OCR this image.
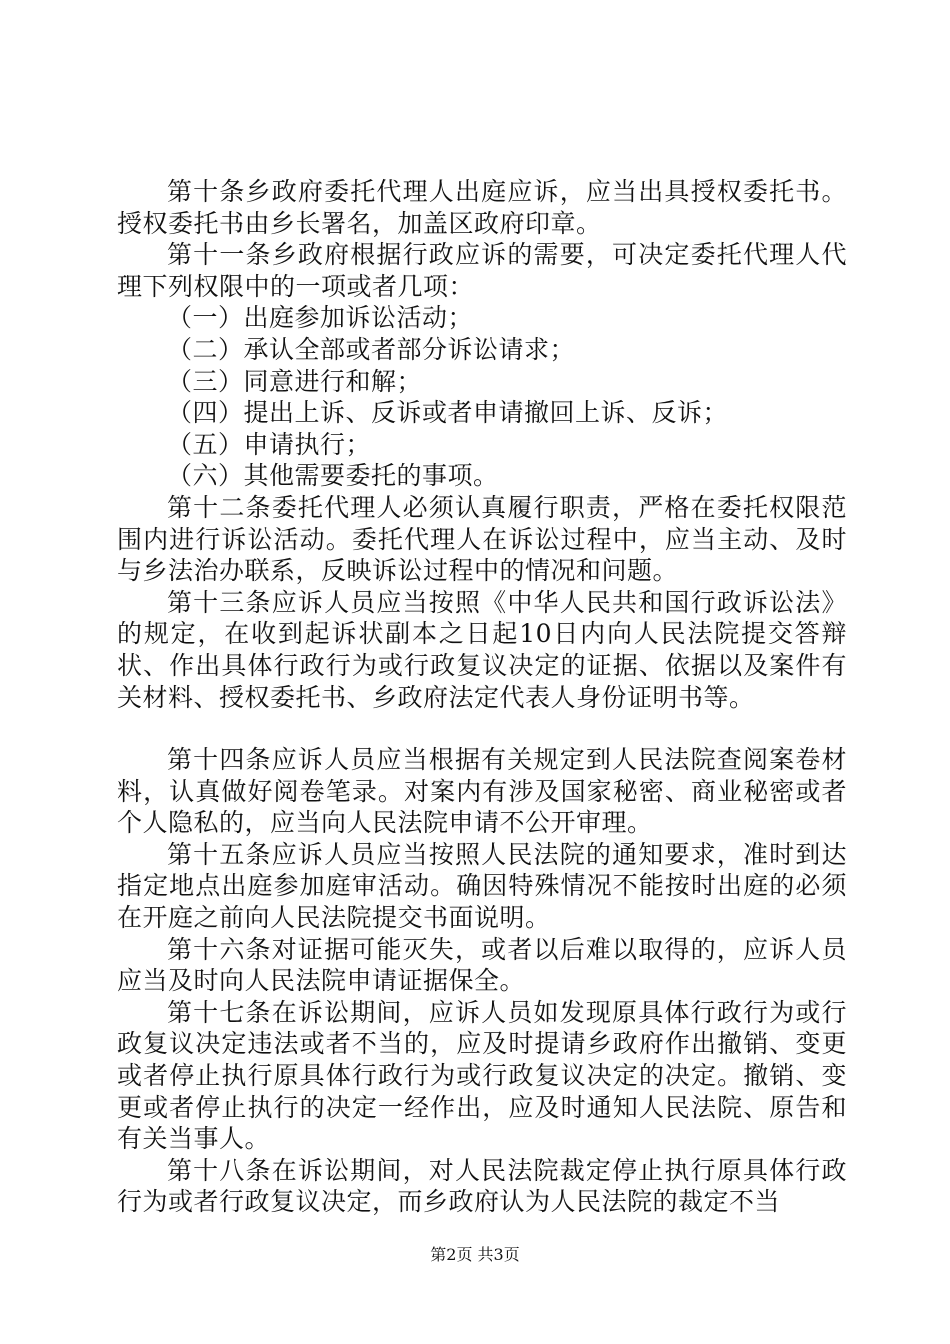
第十条乡政府委托代理人出庭应诉，应当出具授权委托书。授权委托书由乡长署名，加盖区政府印章。

第十一条乡政府根据行政应诉的需要，可决定委托代理人代理下列权限中的一项或者几项：

（一）出庭参加诉讼活动；

（二）承认全部或者部分诉讼请求；

（三）同意进行和解；

（四）提出上诉、反诉或者申请撤回上诉、反诉；

（五）申请执行；

（六）其他需要委托的事项。

第十二条委托代理人必须认真履行职责，严格在委托权限范围内进行诉讼活动。委托代理人在诉讼过程中，应当主动、及时与乡法治办联系，反映诉讼过程中的情况和问题。

第十三条应诉人员应当按照《中华人民共和国行政诉讼法》的规定，在收到起诉状副本之日起10日内向人民法院提交答辩状、作出具体行政行为或行政复议决定的证据、依据以及案件有关材料、授权委托书、乡政府法定代表人身份证明书等。

第十四条应诉人员应当根据有关规定到人民法院查阅案卷材料，认真做好阅卷笔录。对案内有涉及国家秘密、商业秘密或者个人隐私的，应当向人民法院申请不公开审理。

第十五条应诉人员应当按照人民法院的通知要求，准时到达指定地点出庭参加庭审活动。确因特殊情况不能按时出庭的必须在开庭之前向人民法院提交书面说明。

第十六条对证据可能灭失，或者以后难以取得的，应诉人员应当及时向人民法院申请证据保全。

第十七条在诉讼期间，应诉人员如发现原具体行政行为或行政复议决定违法或者不当的，应及时提请乡政府作出撤销、变更或者停止执行原具体行政行为或行政复议决定的决定。撤销、变更或者停止执行的决定一经作出，应及时通知人民法院、原告和有关当事人。

第十八条在诉讼期间，对人民法院裁定停止执行原具体行政行为或者行政复议决定，而乡政府认为人民法院的裁定不当

第2页 共3页
